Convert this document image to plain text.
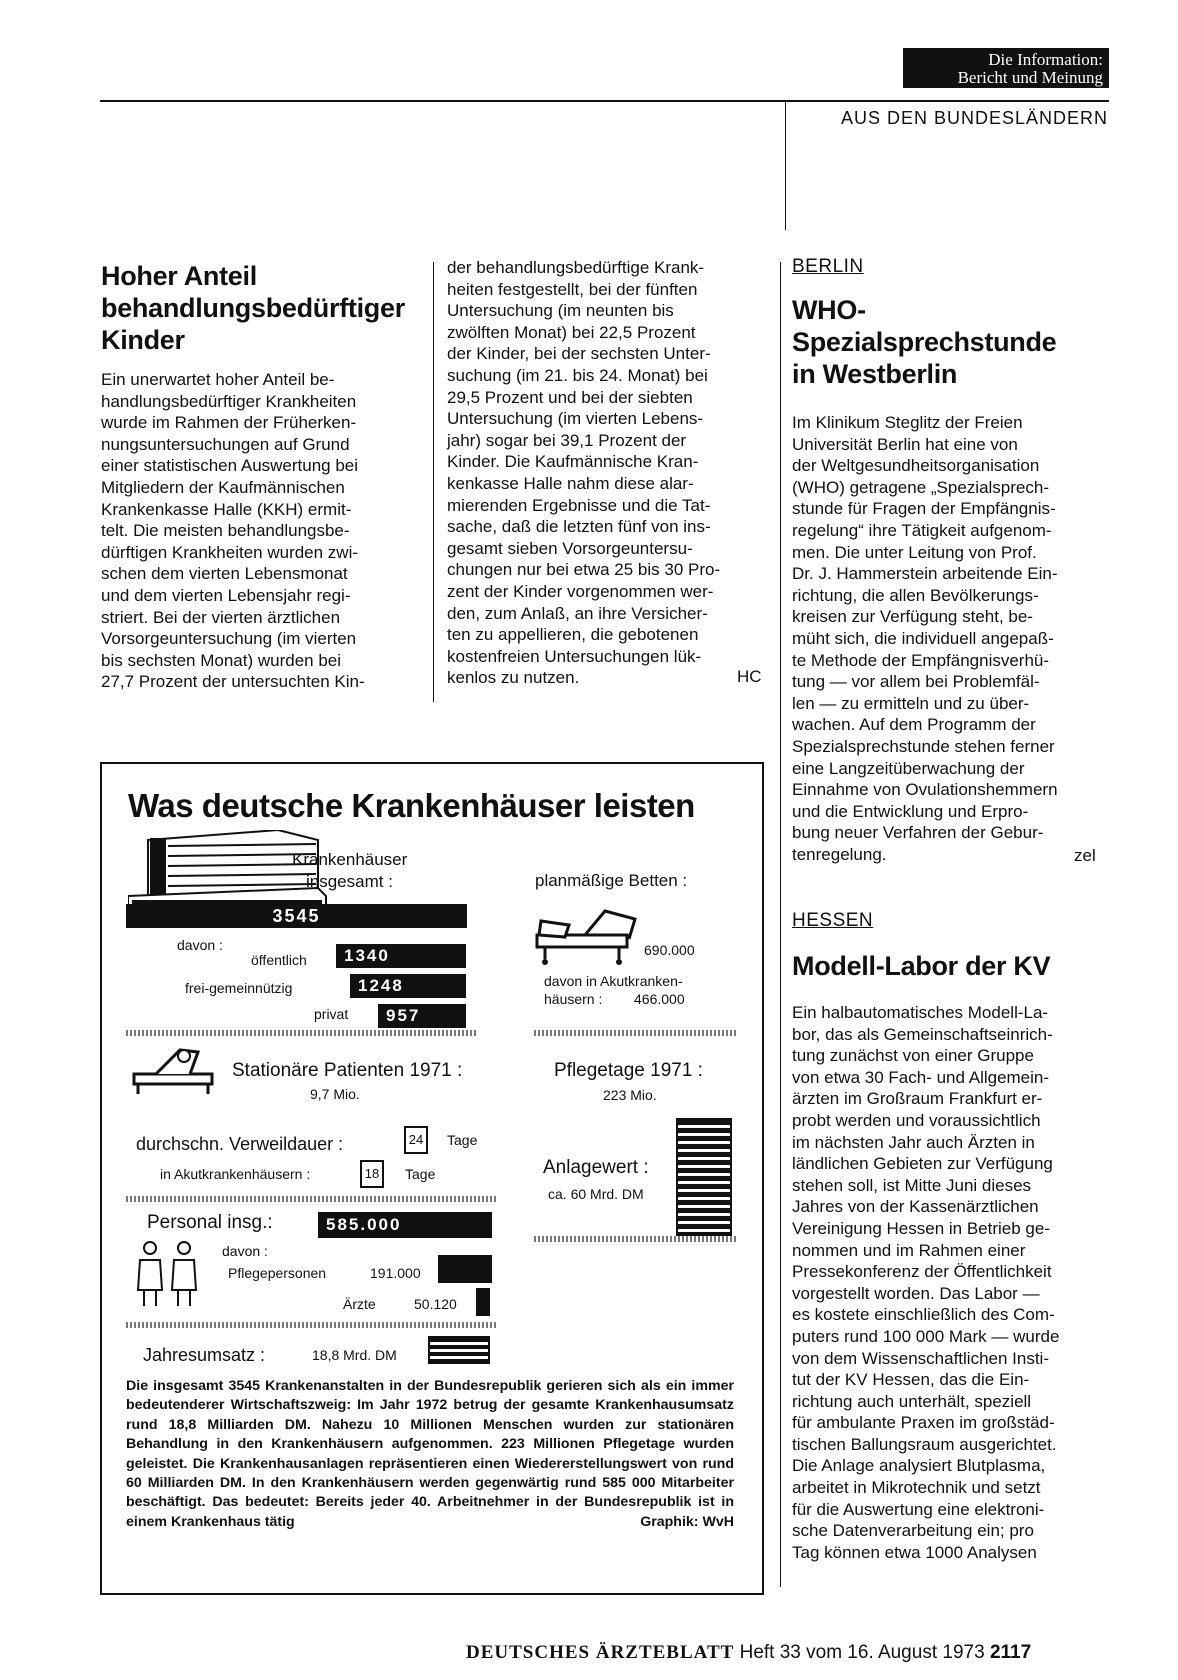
Die Information:
Bericht und Meinung
AUS DEN BUNDESLÄNDERN
Hoher Anteil
behandlungsbedürftiger
Kinder
Ein unerwartet hoher Anteil be-
handlungsbedürftiger Krankheiten
wurde im Rahmen der Früherken-
nungsuntersuchungen auf Grund
einer statistischen Auswertung bei
Mitgliedern der Kaufmännischen
Krankenkasse Halle (KKH) ermit-
telt. Die meisten behandlungsbe-
dürftigen Krankheiten wurden zwi-
schen dem vierten Lebensmonat
und dem vierten Lebensjahr regi-
striert. Bei der vierten ärztlichen
Vorsorgeuntersuchung (im vierten
bis sechsten Monat) wurden bei
27,7 Prozent der untersuchten Kin-
der behandlungsbedürftige Krank-
heiten festgestellt, bei der fünften
Untersuchung (im neunten bis
zwölften Monat) bei 22,5 Prozent
der Kinder, bei der sechsten Unter-
suchung (im 21. bis 24. Monat) bei
29,5 Prozent und bei der siebten
Untersuchung (im vierten Lebens-
jahr) sogar bei 39,1 Prozent der
Kinder. Die Kaufmännische Kran-
kenkasse Halle nahm diese alar-
mierenden Ergebnisse und die Tat-
sache, daß die letzten fünf von ins-
gesamt sieben Vorsorgeuntersu-
chungen nur bei etwa 25 bis 30 Pro-
zent der Kinder vorgenommen wer-
den, zum Anlaß, an ihre Versicher-
ten zu appellieren, die gebotenen
kostenfreien Untersuchungen lük-
kenlos zu nutzen.	HC
BERLIN
WHO-
Spezialsprechstunde
in Westberlin
Im Klinikum Steglitz der Freien
Universität Berlin hat eine von
der Weltgesundheitsorganisation
(WHO) getragene „Spezialsprech-
stunde für Fragen der Empfängnis-
regelung“ ihre Tätigkeit aufgenom-
men. Die unter Leitung von Prof.
Dr. J. Hammerstein arbeitende Ein-
richtung, die allen Bevölkerungs-
kreisen zur Verfügung steht, be-
müht sich, die individuell angepaß-
te Methode der Empfängnisverhü-
tung — vor allem bei Problemfäl-
len — zu ermitteln und zu über-
wachen. Auf dem Programm der
Spezialsprechstunde stehen ferner
eine Langzeitüberwachung der
Einnahme von Ovulationshemmern
und die Entwicklung und Erpro-
bung neuer Verfahren der Gebur-
tenregelung.	zel
HESSEN
Modell-Labor der KV
Ein halbautomatisches Modell-La-
bor, das als Gemeinschaftseinrich-
tung zunächst von einer Gruppe
von etwa 30 Fach- und Allgemein-
ärzten im Großraum Frankfurt er-
probt werden und voraussichtlich
im nächsten Jahr auch Ärzten in
ländlichen Gebieten zur Verfügung
stehen soll, ist Mitte Juni dieses
Jahres von der Kassenärztlichen
Vereinigung Hessen in Betrieb ge-
nommen und im Rahmen einer
Pressekonferenz der Öffentlichkeit
vorgestellt worden. Das Labor —
es kostete einschließlich des Com-
puters rund 100 000 Mark — wurde
von dem Wissenschaftlichen Insti-
tut der KV Hessen, das die Ein-
richtung auch unterhält, speziell
für ambulante Praxen im großstäd-
tischen Ballungsraum ausgerichtet.
Die Anlage analysiert Blutplasma,
arbeitet in Mikrotechnik und setzt
für die Auswertung eine elektroni-
sche Datenverarbeitung ein; pro
Tag können etwa 1000 Analysen
Was deutsche Krankenhäuser leisten
Krankenhäuser
insgesamt :
3545
davon :
öffentlich	1340
frei-gemeinnützig	1248
privat	957
planmäßige Betten :
690.000
davon in Akutkranken-
häusern : 466.000
Stationäre Patienten 1971 :
9,7 Mio.
Pflegetage 1971 :
223 Mio.
durchschn. Verweildauer :	24	Tage
in Akutkrankenhäusern :	18	Tage	Anlagewert :
ca. 60 Mrd. DM
Personal insg.:	585.000
davon :
Pflegepersonen	191.000
Ärzte	50.120
Jahresumsatz :	18,8 Mrd. DM
Die insgesamt 3545 Krankenanstalten in der Bundesrepublik gerieren sich als ein immer bedeutenderer Wirtschaftszweig: Im Jahr 1972 betrug der gesamte Krankenhausumsatz rund 18,8 Milliarden DM. Nahezu 10 Millionen Menschen wurden zur stationären Behandlung in den Krankenhäusern aufgenommen. 223 Millionen Pflegetage wurden geleistet. Die Krankenhausanlagen repräsentieren einen Wiedererstellungswert von rund 60 Milliarden DM. In den Krankenhäusern werden gegenwärtig rund 585 000 Mitarbeiter beschäftigt. Das bedeutet: Bereits jeder 40. Arbeitnehmer in der Bundesrepublik ist in einem Krankenhaus tätig	Graphik: WvH
DEUTSCHES ÄRZTEBLATT Heft 33 vom 16. August 1973 2117
